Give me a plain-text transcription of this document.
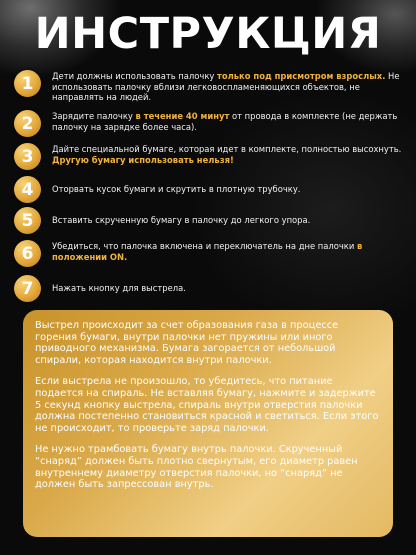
ИНСТРУКЦИЯ
1	Дети должны использовать палочку только под присмотром взрослых. Не использовать палочку вблизи легковоспламеняющихся объектов, не направлять на людей.
2	Зарядите палочку в течение 40 минут от провода в комплекте (не держать палочку на зарядке более часа).
3	Дайте специальной бумаге, которая идет в комплекте, полностью высохнуть. Другую бумагу использовать нельзя!
4	Оторвать кусок бумаги и скрутить в плотную трубочку.
5	Вставить скрученную бумагу в палочку до легкого упора.
6	Убедиться, что палочка включена и переключатель на дне палочки в положении ON.
7	Нажать кнопку для выстрела.

Выстрел происходит за счет образования газа в процессе горения бумаги, внутри палочки нет пружины или иного приводного механизма. Бумага загорается от небольшой спирали, которая находится внутри палочки.

Если выстрела не произошло, то убедитесь, что питание подается на спираль. Не вставляя бумагу, нажмите и задержите 5 секунд кнопку выстрела, спираль внутри отверстия палочки должна постепенно становиться красной и светиться. Если этого не происходит, то проверьте заряд палочки.

Не нужно трамбовать бумагу внутрь палочки. Скрученный “снаряд” должен быть плотно свернутым, его диаметр равен внутреннему диаметру отверстия палочки, но “снаряд” не должен быть запрессован внутрь.
